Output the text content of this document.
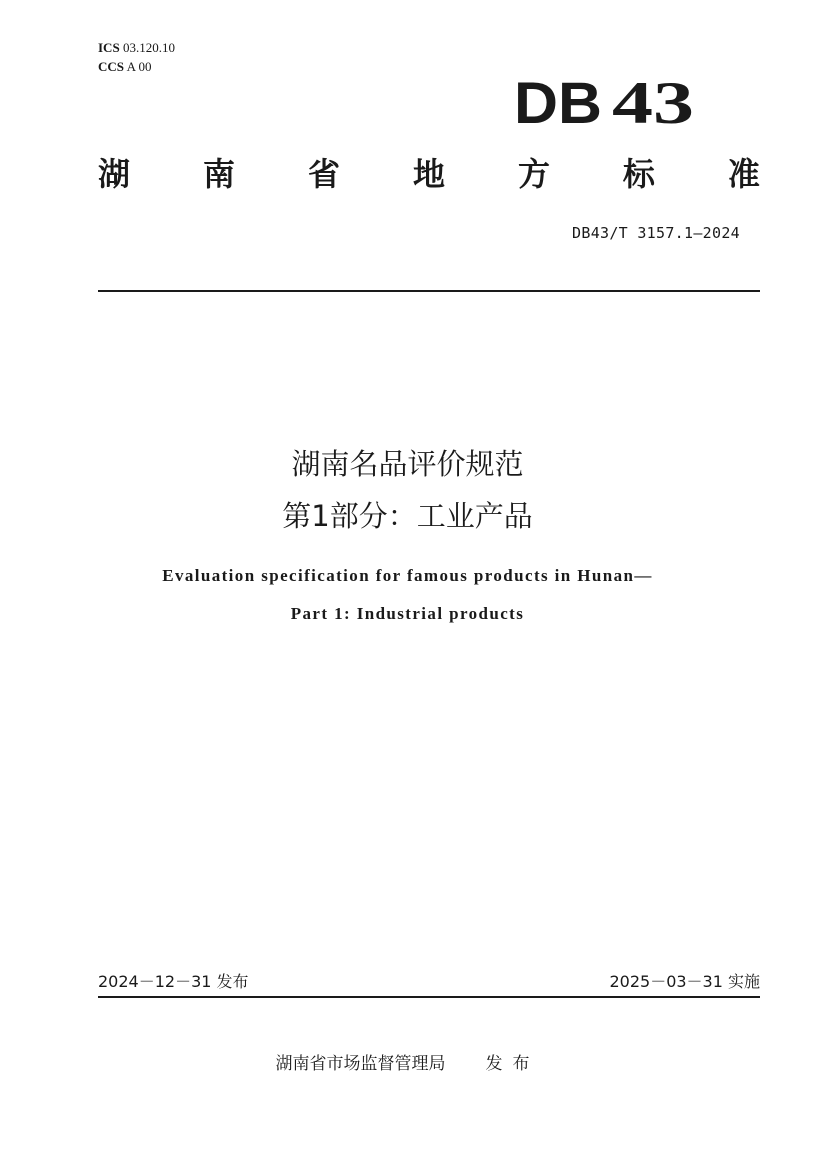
ICS 03.120.10
CCS A 00
DB 43
湖 南 省 地 方 标 准
DB43/T 3157.1—2024
湖南名品评价规范
第1部分：工业产品
Evaluation specification for famous products in Hunan—
Part 1: Industrial products
2024－12－31 发布	2025－03－31 实施
湖南省市场监督管理局 发布
